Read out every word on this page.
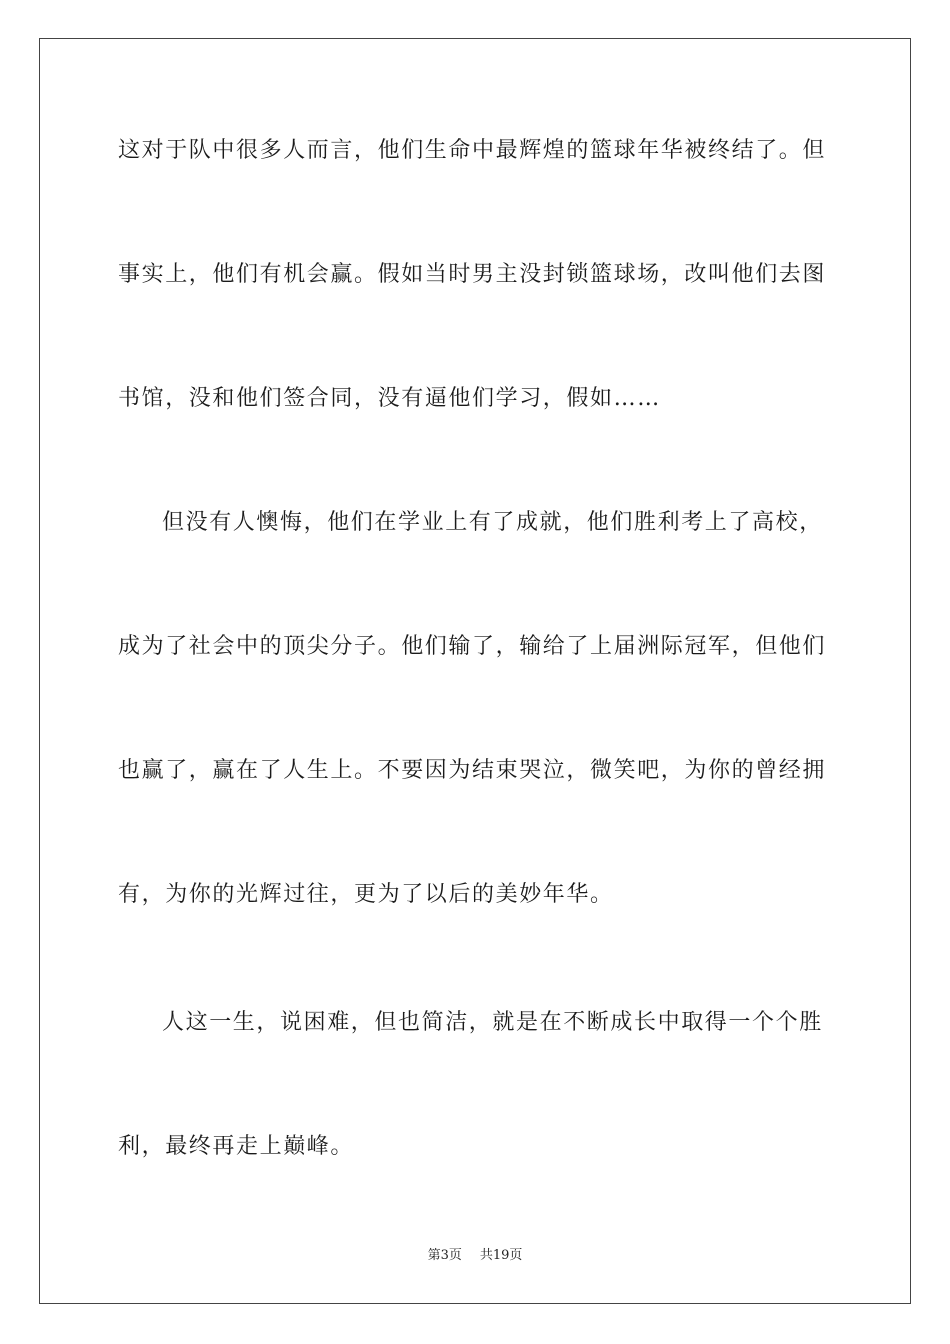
这对于队中很多人而言，他们生命中最辉煌的篮球年华被终结了。但
事实上，他们有机会赢。假如当时男主没封锁篮球场，改叫他们去图
书馆，没和他们签合同，没有逼他们学习，假如……
但没有人懊悔，他们在学业上有了成就，他们胜利考上了高校，
成为了社会中的顶尖分子。他们输了，输给了上届洲际冠军，但他们
也赢了，赢在了人生上。不要因为结束哭泣，微笑吧，为你的曾经拥
有，为你的光辉过往，更为了以后的美妙年华。
人这一生，说困难，但也简洁，就是在不断成长中取得一个个胜
利，最终再走上巅峰。
第3页 共19页
